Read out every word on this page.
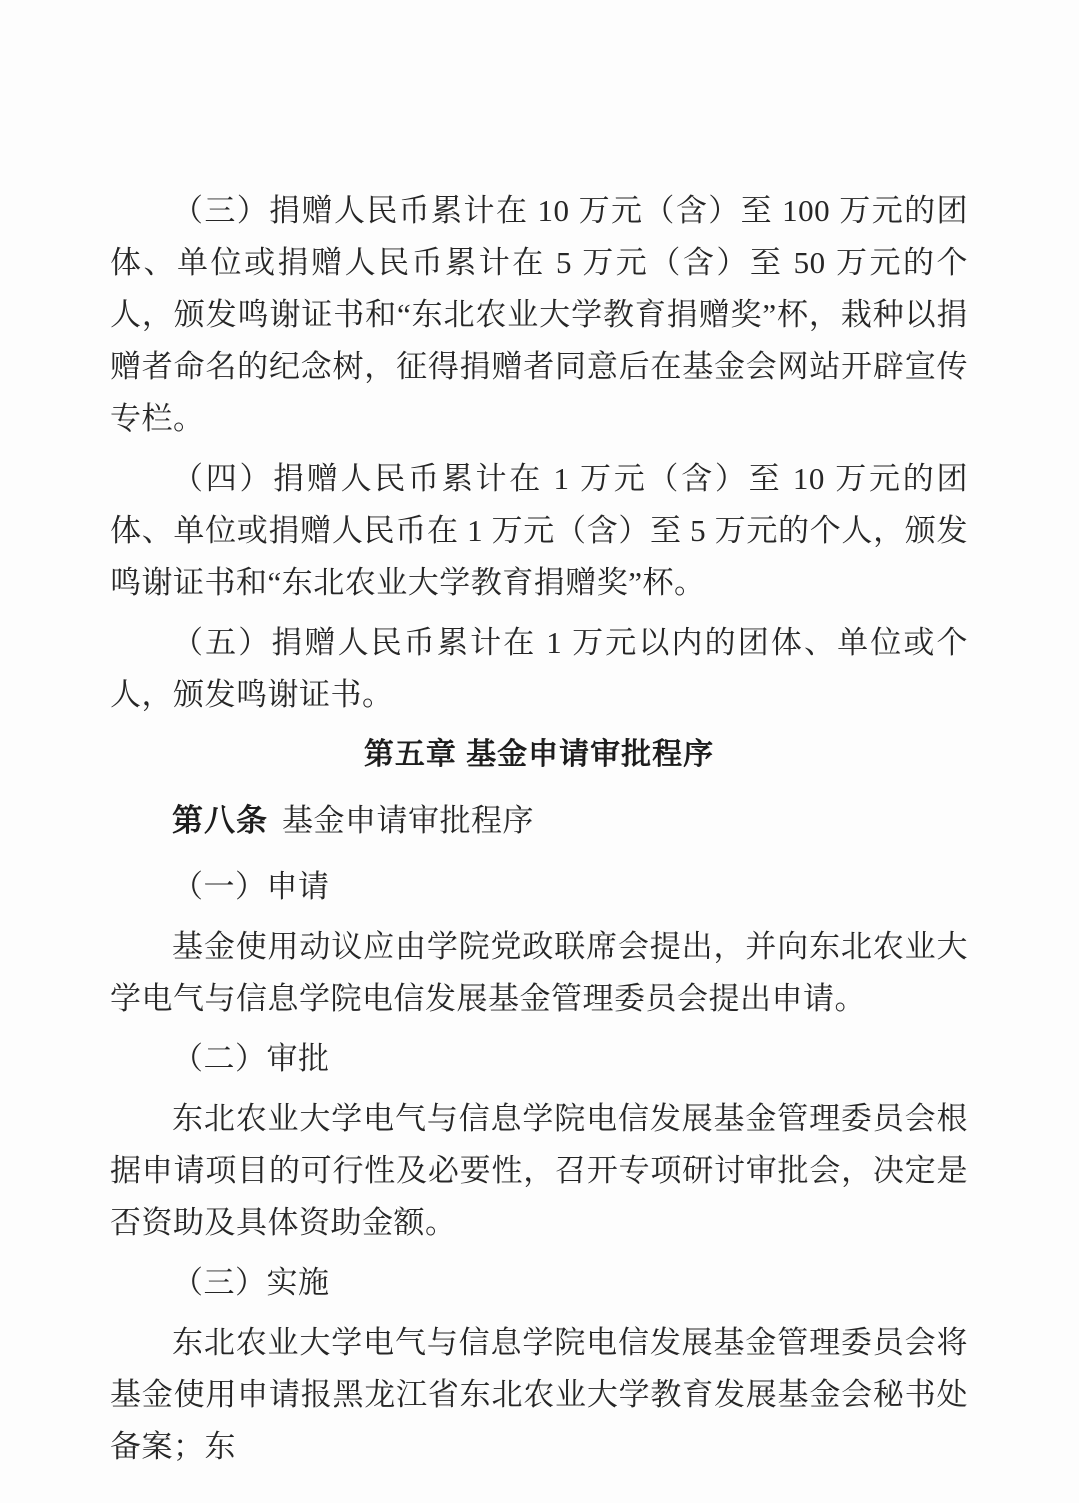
（三）捐赠人民币累计在 10 万元（含）至 100 万元的团体、单位或捐赠人民币累计在 5 万元（含）至 50 万元的个人，颁发鸣谢证书和“东北农业大学教育捐赠奖”杯，栽种以捐赠者命名的纪念树，征得捐赠者同意后在基金会网站开辟宣传专栏。

（四）捐赠人民币累计在 1 万元（含）至 10 万元的团体、单位或捐赠人民币在 1 万元（含）至 5 万元的个人，颁发鸣谢证书和“东北农业大学教育捐赠奖”杯。

（五）捐赠人民币累计在 1 万元以内的团体、单位或个人，颁发鸣谢证书。

第五章 基金申请审批程序

第八条 基金申请审批程序

（一）申请

基金使用动议应由学院党政联席会提出，并向东北农业大学电气与信息学院电信发展基金管理委员会提出申请。

（二）审批

东北农业大学电气与信息学院电信发展基金管理委员会根据申请项目的可行性及必要性，召开专项研讨审批会，决定是否资助及具体资助金额。

（三）实施

东北农业大学电气与信息学院电信发展基金管理委员会将基金使用申请报黑龙江省东北农业大学教育发展基金会秘书处备案；东
